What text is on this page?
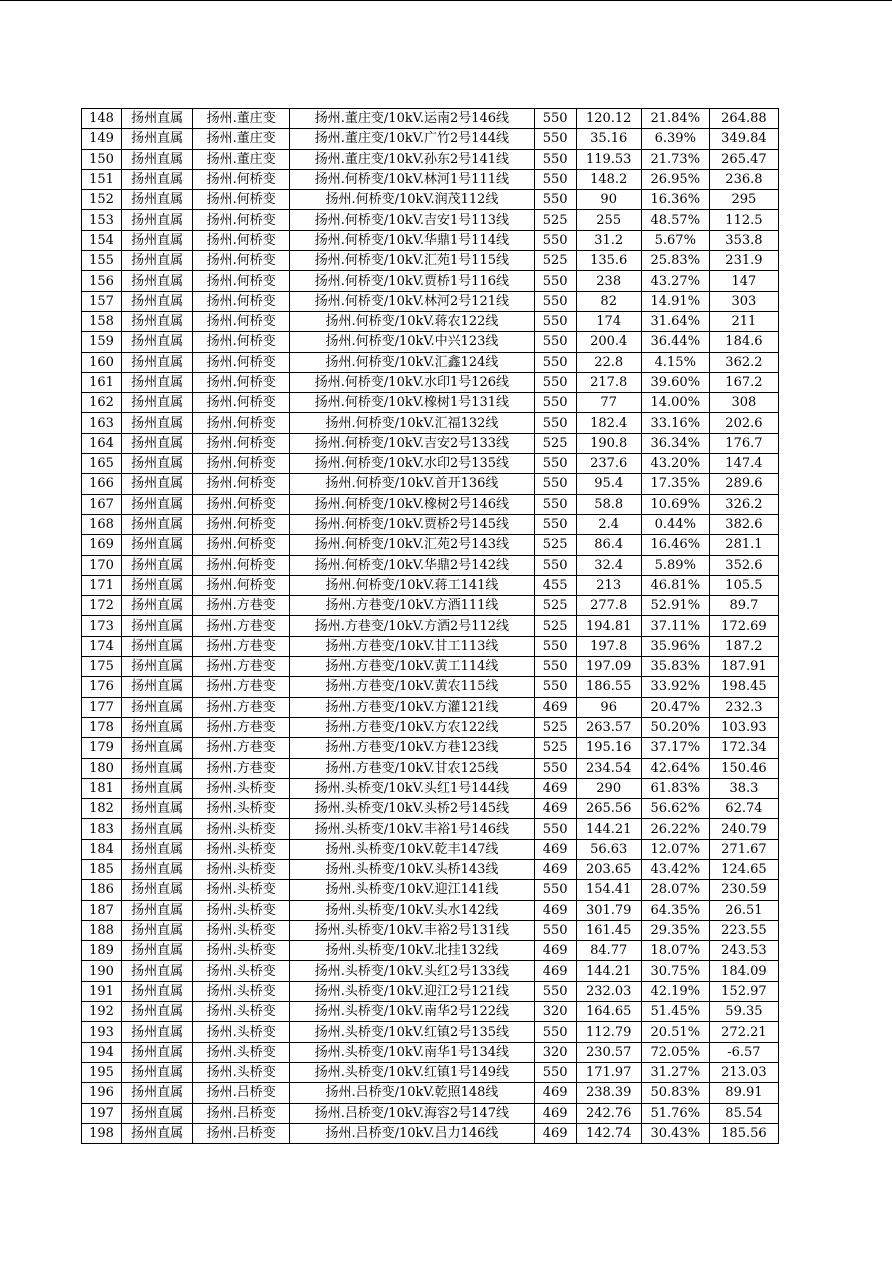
148	扬州直属	扬州.董庄变	扬州.董庄变/10kV.运南2号146线	550	120.12	21.84%	264.88
149	扬州直属	扬州.董庄变	扬州.董庄变/10kV.广竹2号144线	550	35.16	6.39%	349.84
150	扬州直属	扬州.董庄变	扬州.董庄变/10kV.孙东2号141线	550	119.53	21.73%	265.47
151	扬州直属	扬州.何桥变	扬州.何桥变/10kV.林河1号111线	550	148.2	26.95%	236.8
152	扬州直属	扬州.何桥变	扬州.何桥变/10kV.润茂112线	550	90	16.36%	295
153	扬州直属	扬州.何桥变	扬州.何桥变/10kV.吉安1号113线	525	255	48.57%	112.5
154	扬州直属	扬州.何桥变	扬州.何桥变/10kV.华鼎1号114线	550	31.2	5.67%	353.8
155	扬州直属	扬州.何桥变	扬州.何桥变/10kV.汇苑1号115线	525	135.6	25.83%	231.9
156	扬州直属	扬州.何桥变	扬州.何桥变/10kV.贾桥1号116线	550	238	43.27%	147
157	扬州直属	扬州.何桥变	扬州.何桥变/10kV.林河2号121线	550	82	14.91%	303
158	扬州直属	扬州.何桥变	扬州.何桥变/10kV.蒋农122线	550	174	31.64%	211
159	扬州直属	扬州.何桥变	扬州.何桥变/10kV.中兴123线	550	200.4	36.44%	184.6
160	扬州直属	扬州.何桥变	扬州.何桥变/10kV.汇鑫124线	550	22.8	4.15%	362.2
161	扬州直属	扬州.何桥变	扬州.何桥变/10kV.水印1号126线	550	217.8	39.60%	167.2
162	扬州直属	扬州.何桥变	扬州.何桥变/10kV.橡树1号131线	550	77	14.00%	308
163	扬州直属	扬州.何桥变	扬州.何桥变/10kV.汇福132线	550	182.4	33.16%	202.6
164	扬州直属	扬州.何桥变	扬州.何桥变/10kV.吉安2号133线	525	190.8	36.34%	176.7
165	扬州直属	扬州.何桥变	扬州.何桥变/10kV.水印2号135线	550	237.6	43.20%	147.4
166	扬州直属	扬州.何桥变	扬州.何桥变/10kV.首开136线	550	95.4	17.35%	289.6
167	扬州直属	扬州.何桥变	扬州.何桥变/10kV.橡树2号146线	550	58.8	10.69%	326.2
168	扬州直属	扬州.何桥变	扬州.何桥变/10kV.贾桥2号145线	550	2.4	0.44%	382.6
169	扬州直属	扬州.何桥变	扬州.何桥变/10kV.汇苑2号143线	525	86.4	16.46%	281.1
170	扬州直属	扬州.何桥变	扬州.何桥变/10kV.华鼎2号142线	550	32.4	5.89%	352.6
171	扬州直属	扬州.何桥变	扬州.何桥变/10kV.蒋工141线	455	213	46.81%	105.5
172	扬州直属	扬州.方巷变	扬州.方巷变/10kV.方酒111线	525	277.8	52.91%	89.7
173	扬州直属	扬州.方巷变	扬州.方巷变/10kV.方酒2号112线	525	194.81	37.11%	172.69
174	扬州直属	扬州.方巷变	扬州.方巷变/10kV.甘工113线	550	197.8	35.96%	187.2
175	扬州直属	扬州.方巷变	扬州.方巷变/10kV.黄工114线	550	197.09	35.83%	187.91
176	扬州直属	扬州.方巷变	扬州.方巷变/10kV.黄农115线	550	186.55	33.92%	198.45
177	扬州直属	扬州.方巷变	扬州.方巷变/10kV.方灌121线	469	96	20.47%	232.3
178	扬州直属	扬州.方巷变	扬州.方巷变/10kV.方农122线	525	263.57	50.20%	103.93
179	扬州直属	扬州.方巷变	扬州.方巷变/10kV.方巷123线	525	195.16	37.17%	172.34
180	扬州直属	扬州.方巷变	扬州.方巷变/10kV.甘农125线	550	234.54	42.64%	150.46
181	扬州直属	扬州.头桥变	扬州.头桥变/10kV.头红1号144线	469	290	61.83%	38.3
182	扬州直属	扬州.头桥变	扬州.头桥变/10kV.头桥2号145线	469	265.56	56.62%	62.74
183	扬州直属	扬州.头桥变	扬州.头桥变/10kV.丰裕1号146线	550	144.21	26.22%	240.79
184	扬州直属	扬州.头桥变	扬州.头桥变/10kV.乾丰147线	469	56.63	12.07%	271.67
185	扬州直属	扬州.头桥变	扬州.头桥变/10kV.头桥143线	469	203.65	43.42%	124.65
186	扬州直属	扬州.头桥变	扬州.头桥变/10kV.迎江141线	550	154.41	28.07%	230.59
187	扬州直属	扬州.头桥变	扬州.头桥变/10kV.头水142线	469	301.79	64.35%	26.51
188	扬州直属	扬州.头桥变	扬州.头桥变/10kV.丰裕2号131线	550	161.45	29.35%	223.55
189	扬州直属	扬州.头桥变	扬州.头桥变/10kV.北挂132线	469	84.77	18.07%	243.53
190	扬州直属	扬州.头桥变	扬州.头桥变/10kV.头红2号133线	469	144.21	30.75%	184.09
191	扬州直属	扬州.头桥变	扬州.头桥变/10kV.迎江2号121线	550	232.03	42.19%	152.97
192	扬州直属	扬州.头桥变	扬州.头桥变/10kV.南华2号122线	320	164.65	51.45%	59.35
193	扬州直属	扬州.头桥变	扬州.头桥变/10kV.红镇2号135线	550	112.79	20.51%	272.21
194	扬州直属	扬州.头桥变	扬州.头桥变/10kV.南华1号134线	320	230.57	72.05%	-6.57
195	扬州直属	扬州.头桥变	扬州.头桥变/10kV.红镇1号149线	550	171.97	31.27%	213.03
196	扬州直属	扬州.吕桥变	扬州.吕桥变/10kV.乾照148线	469	238.39	50.83%	89.91
197	扬州直属	扬州.吕桥变	扬州.吕桥变/10kV.海容2号147线	469	242.76	51.76%	85.54
198	扬州直属	扬州.吕桥变	扬州.吕桥变/10kV.吕力146线	469	142.74	30.43%	185.56
